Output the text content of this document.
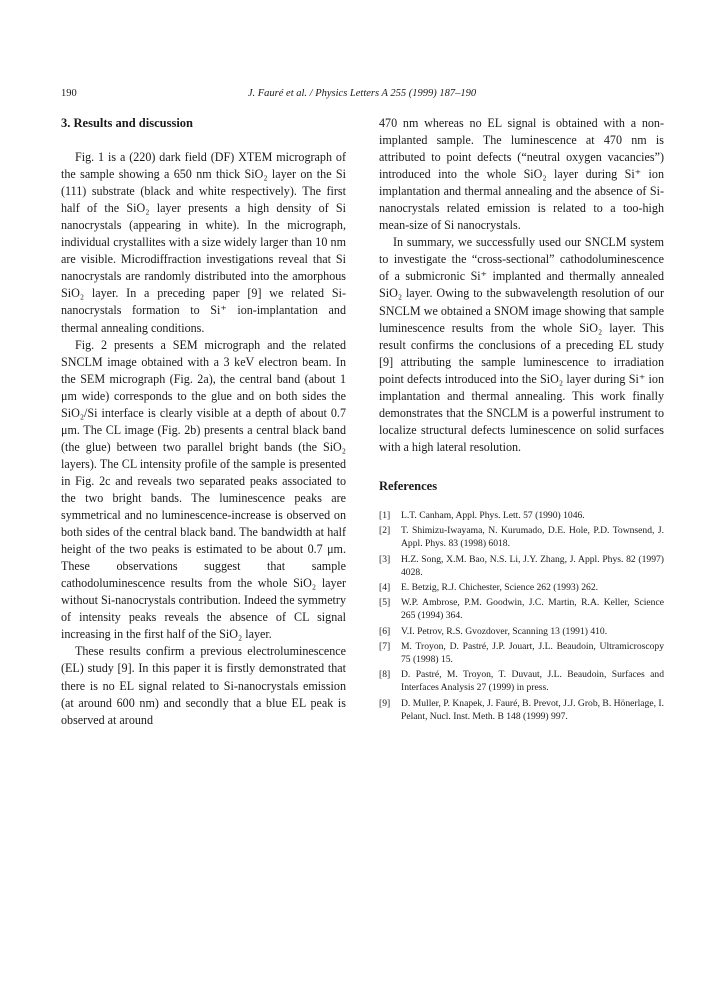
190	J. Fauré et al. / Physics Letters A 255 (1999) 187–190
3. Results and discussion

Fig. 1 is a (220) dark field (DF) XTEM micrograph of the sample showing a 650 nm thick SiO₂ layer on the Si (111) substrate (black and white respectively). The first half of the SiO₂ layer presents a high density of Si nanocrystals (appearing in white). In the micrograph, individual crystallites with a size widely larger than 10 nm are visible. Microdiffraction investigations reveal that Si nanocrystals are randomly distributed into the amorphous SiO₂ layer. In a preceding paper [9] we related Si-nanocrystals formation to Si⁺ ion-implantation and thermal annealing conditions.

Fig. 2 presents a SEM micrograph and the related SNCLM image obtained with a 3 keV electron beam. In the SEM micrograph (Fig. 2a), the central band (about 1 μm wide) corresponds to the glue and on both sides the SiO₂/Si interface is clearly visible at a depth of about 0.7 μm. The CL image (Fig. 2b) presents a central black band (the glue) between two parallel bright bands (the SiO₂ layers). The CL intensity profile of the sample is presented in Fig. 2c and reveals two separated peaks associated to the two bright bands. The luminescence peaks are symmetrical and no luminescence-increase is observed on both sides of the central black band. The bandwidth at half height of the two peaks is estimated to be about 0.7 μm. These observations suggest that sample cathodoluminescence results from the whole SiO₂ layer without Si-nanocrystals contribution. Indeed the symmetry of intensity peaks reveals the absence of CL signal increasing in the first half of the SiO₂ layer.

These results confirm a previous electroluminescence (EL) study [9]. In this paper it is firstly demonstrated that there is no EL signal related to Si-nanocrystals emission (at around 600 nm) and secondly that a blue EL peak is observed at around

470 nm whereas no EL signal is obtained with a non-implanted sample. The luminescence at 470 nm is attributed to point defects (“neutral oxygen vacancies”) introduced into the whole SiO₂ layer during Si⁺ ion implantation and thermal annealing and the absence of Si-nanocrystals related emission is related to a too-high mean-size of Si nanocrystals.

In summary, we successfully used our SNCLM system to investigate the “cross-sectional” cathodoluminescence of a submicronic Si⁺ implanted and thermally annealed SiO₂ layer. Owing to the subwavelength resolution of our SNCLM we obtained a SNOM image showing that sample luminescence results from the whole SiO₂ layer. This result confirms the conclusions of a preceding EL study [9] attributing the sample luminescence to irradiation point defects introduced into the SiO₂ layer during Si⁺ ion implantation and thermal annealing. This work finally demonstrates that the SNCLM is a powerful instrument to localize structural defects luminescence on solid surfaces with a high lateral resolution.

References
[1] L.T. Canham, Appl. Phys. Lett. 57 (1990) 1046.
[2] T. Shimizu-Iwayama, N. Kurumado, D.E. Hole, P.D. Townsend, J. Appl. Phys. 83 (1998) 6018.
[3] H.Z. Song, X.M. Bao, N.S. Li, J.Y. Zhang, J. Appl. Phys. 82 (1997) 4028.
[4] E. Betzig, R.J. Chichester, Science 262 (1993) 262.
[5] W.P. Ambrose, P.M. Goodwin, J.C. Martin, R.A. Keller, Science 265 (1994) 364.
[6] V.I. Petrov, R.S. Gvozdover, Scanning 13 (1991) 410.
[7] M. Troyon, D. Pastré, J.P. Jouart, J.L. Beaudoin, Ultramicroscopy 75 (1998) 15.
[8] D. Pastré, M. Troyon, T. Duvaut, J.L. Beaudoin, Surfaces and Interfaces Analysis 27 (1999) in press.
[9] D. Muller, P. Knapek, J. Fauré, B. Prevot, J.J. Grob, B. Hönerlage, I. Pelant, Nucl. Inst. Meth. B 148 (1999) 997.
